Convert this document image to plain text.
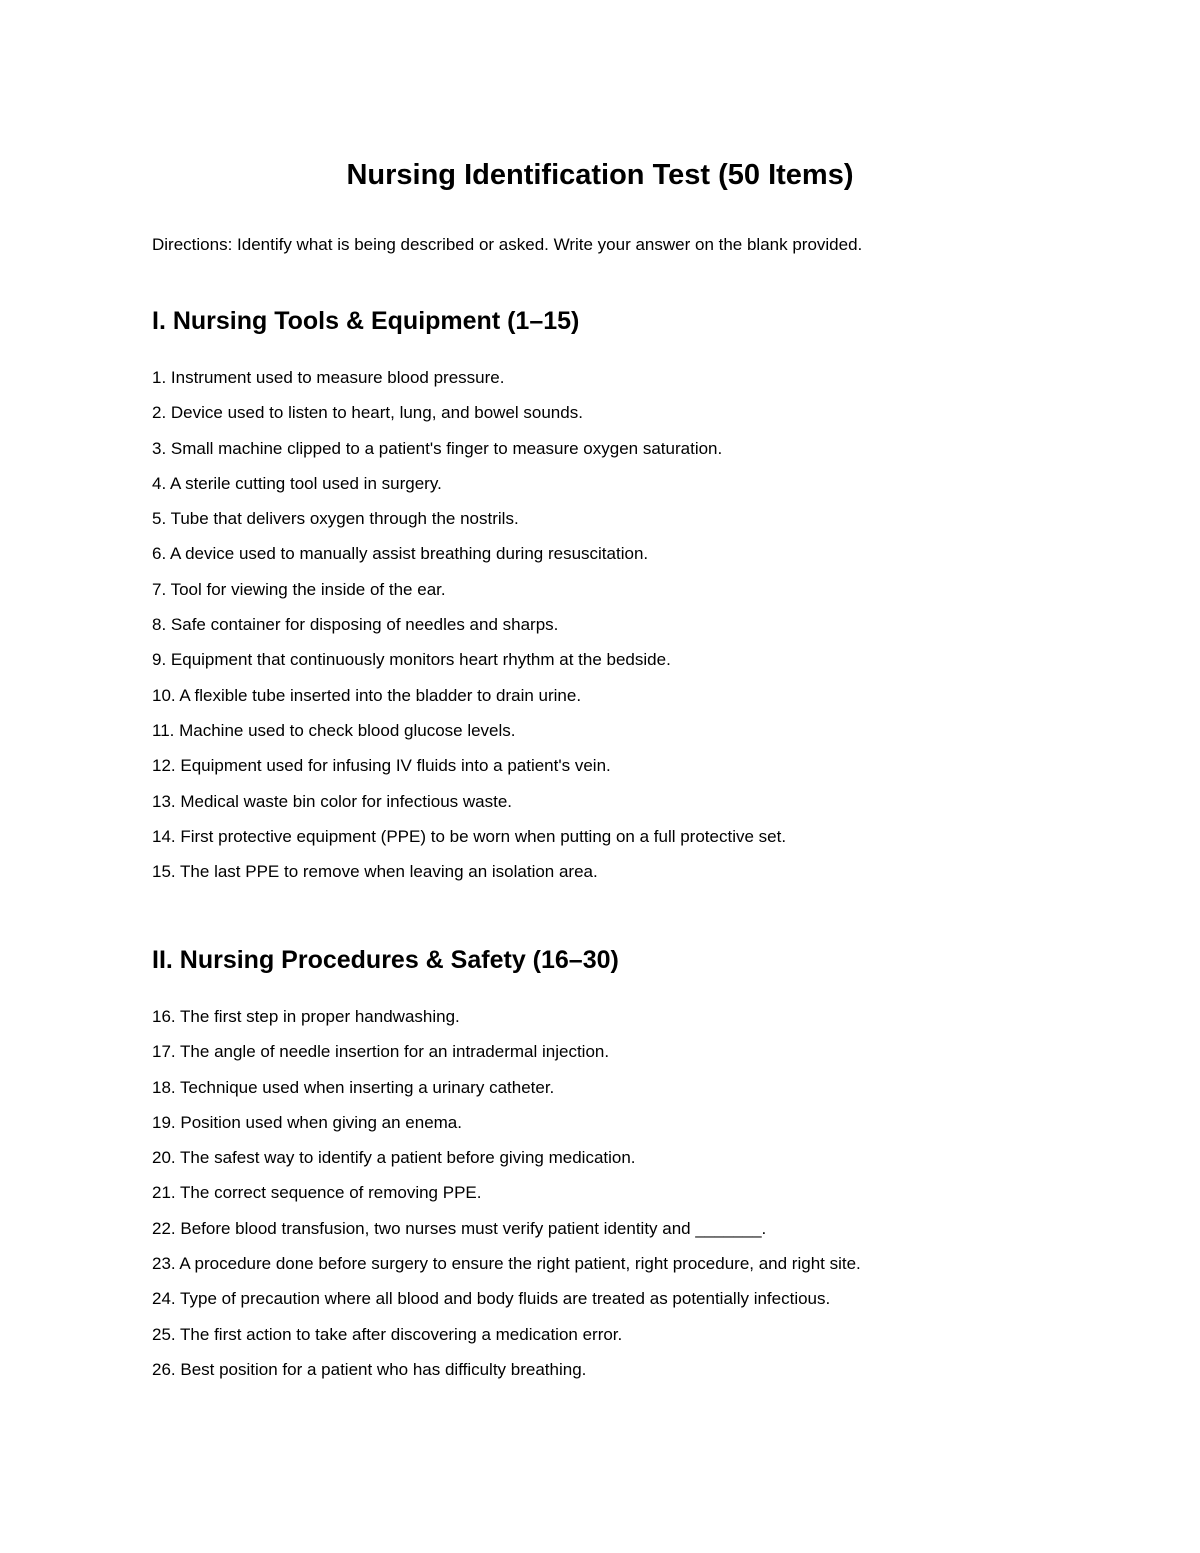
Nursing Identification Test (50 Items)

Directions: Identify what is being described or asked. Write your answer on the blank provided.

I. Nursing Tools & Equipment (1–15)
1. Instrument used to measure blood pressure.
2. Device used to listen to heart, lung, and bowel sounds.
3. Small machine clipped to a patient's finger to measure oxygen saturation.
4. A sterile cutting tool used in surgery.
5. Tube that delivers oxygen through the nostrils.
6. A device used to manually assist breathing during resuscitation.
7. Tool for viewing the inside of the ear.
8. Safe container for disposing of needles and sharps.
9. Equipment that continuously monitors heart rhythm at the bedside.
10. A flexible tube inserted into the bladder to drain urine.
11. Machine used to check blood glucose levels.
12. Equipment used for infusing IV fluids into a patient's vein.
13. Medical waste bin color for infectious waste.
14. First protective equipment (PPE) to be worn when putting on a full protective set.
15. The last PPE to remove when leaving an isolation area.
II. Nursing Procedures & Safety (16–30)
16. The first step in proper handwashing.
17. The angle of needle insertion for an intradermal injection.
18. Technique used when inserting a urinary catheter.
19. Position used when giving an enema.
20. The safest way to identify a patient before giving medication.
21. The correct sequence of removing PPE.
22. Before blood transfusion, two nurses must verify patient identity and _______.
23. A procedure done before surgery to ensure the right patient, right procedure, and right site.
24. Type of precaution where all blood and body fluids are treated as potentially infectious.
25. The first action to take after discovering a medication error.
26. Best position for a patient who has difficulty breathing.
